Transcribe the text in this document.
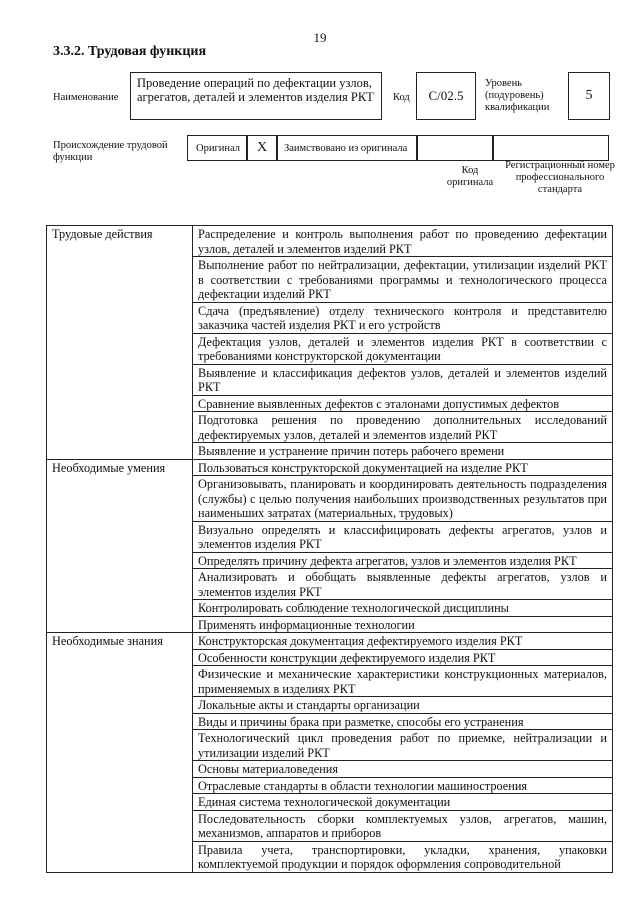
19
3.3.2. Трудовая функция
Наименование
Проведение операций по дефектации узлов, агрегатов, деталей и элементов изделия РКТ	Код	C/02.5
Уровень (подуровень) квалификации
5
Происхождение трудовой функции
Оригинал	X	Заимствовано из оригинала
Код оригинала
Регистрационный номер профессионального стандарта
Трудовые действия	Распределение и контроль выполнения работ по проведению дефектации узлов, деталей и элементов изделий РКТ
	Выполнение работ по нейтрализации, дефектации, утилизации изделий РКТ в соответствии с требованиями программы и технологического процесса дефектации изделий РКТ
	Сдача (предъявление) отделу технического контроля и представителю заказчика частей изделия РКТ и его устройств
	Дефектация узлов, деталей и элементов изделия РКТ в соответствии с требованиями конструкторской документации
	Выявление и классификация дефектов узлов, деталей и элементов изделий РКТ
	Сравнение выявленных дефектов с эталонами допустимых дефектов
	Подготовка решения по проведению дополнительных исследований дефектируемых узлов, деталей и элементов изделий РКТ
	Выявление и устранение причин потерь рабочего времени
Необходимые умения	Пользоваться конструкторской документацией на изделие РКТ
	Организовывать, планировать и координировать деятельность подразделения (службы) с целью получения наибольших производственных результатов при наименьших затратах (материальных, трудовых)
	Визуально определять и классифицировать дефекты агрегатов, узлов и элементов изделия РКТ
	Определять причину дефекта агрегатов, узлов и элементов изделия РКТ
	Анализировать и обобщать выявленные дефекты агрегатов, узлов и элементов изделия РКТ
	Контролировать соблюдение технологической дисциплины
	Применять информационные технологии
Необходимые знания	Конструкторская документация дефектируемого изделия РКТ
	Особенности конструкции дефектируемого изделия РКТ
	Физические и механические характеристики конструкционных материалов, применяемых в изделиях РКТ
	Локальные акты и стандарты организации
	Виды и причины брака при разметке, способы его устранения
	Технологический цикл проведения работ по приемке, нейтрализации и утилизации изделий РКТ
	Основы материаловедения
	Отраслевые стандарты в области технологии машиностроения
	Единая система технологической документации
	Последовательность сборки комплектуемых узлов, агрегатов, машин, механизмов, аппаратов и приборов
	Правила учета, транспортировки, укладки, хранения, упаковки комплектуемой продукции и порядок оформления сопроводительной
